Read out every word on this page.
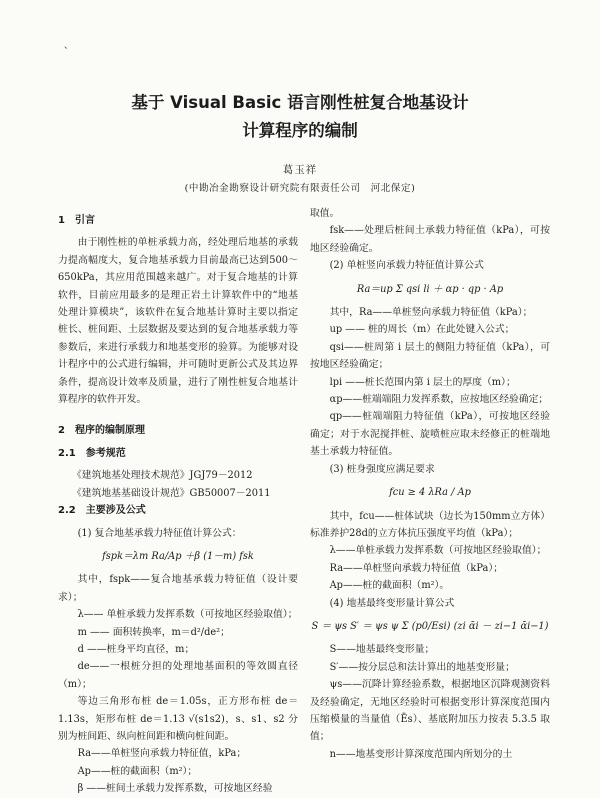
、
基于 Visual Basic 语言刚性桩复合地基设计
计算程序的编制
葛玉祥
(中勘冶金勘察设计研究院有限责任公司　河北保定)

1　引言

由于刚性桩的单桩承载力高，经处理后地基的承载力提高幅度大，复合地基承载力目前最高已达到500～650kPa，其应用范围越来越广。对于复合地基的计算软件，目前应用最多的是理正岩土计算软件中的“地基处理计算模块”，该软件在复合地基计算时主要以指定桩长、桩间距、土层数据及要达到的复合地基承载力等参数后，来进行承载力和地基变形的验算。为能够对设计程序中的公式进行编辑，并可随时更新公式及其边界条件，提高设计效率及质量，进行了刚性桩复合地基计算程序的软件开发。

2　程序的编制原理

2.1　参考规范

《建筑地基处理技术规范》JGJ79－2012

《建筑地基基础设计规范》GB50007－2011

2.2　主要涉及公式

(1) 复合地基承载力特征值计算公式：

fspk＝λm Ra/Ap ＋β (1－m) fsk

其中，fspk——复合地基承载力特征值（设计要求）；

λ—— 单桩承载力发挥系数（可按地区经验取值）；

m —— 面积转换率，m＝d²/de²；

d ——桩身平均直径，m；

de——一根桩分担的处理地基面积的等效圆直径（m）；

等边三角形布桩 de＝1.05s，正方形布桩 de＝1.13s，矩形布桩 de＝1.13 √(s1s2)，s、s1、s2 分别为桩间距、纵向桩间距和横向桩间距。

Ra——单桩竖向承载力特征值，kPa；

Ap——桩的截面积（m²）；

β ——桩间土承载力发挥系数，可按地区经验

取值。

fsk——处理后桩间土承载力特征值（kPa），可按地区经验确定。

(2) 单桩竖向承载力特征值计算公式

Ra＝up Σ qsi li ＋ αp · qp · Ap

其中，Ra——单桩竖向承载力特征值（kPa）；

up —— 桩的周长（m）在此处键入公式；

qsi——桩周第 i 层土的侧阻力特征值（kPa），可按地区经验确定；

lpi ——桩长范围内第 i 层土的厚度（m）；

αp——桩端端阻力发挥系数，应按地区经验确定；

qp——桩端端阻力特征值（kPa），可按地区经验确定；对于水泥搅拌桩、旋喷桩应取未经修正的桩端地基土承载力特征值。

(3) 桩身强度应满足要求

fcu ≥ 4 λRa / Ap

其中，fcu——桩体试块（边长为150mm立方体）标准养护28d的立方体抗压强度平均值（kPa）；

λ——单桩承载力发挥系数（可按地区经验取值）；

Ra——单桩竖向承载力特征值（kPa）；

Ap——桩的截面积（m²）。

(4) 地基最终变形量计算公式

S ＝ ψs S′ ＝ ψs ψ Σ (p0/Esi) (zi ᾱi － zi−1 ᾱi−1)

S——地基最终变形量；

S′——按分层总和法计算出的地基变形量；

ψs——沉降计算经验系数，根据地区沉降观测资料及经验确定，无地区经验时可根据变形计算深度范围内压缩模量的当量值（Ēs）、基底附加压力按表 5.3.5 取值；

n——地基变形计算深度范围内所划分的土
